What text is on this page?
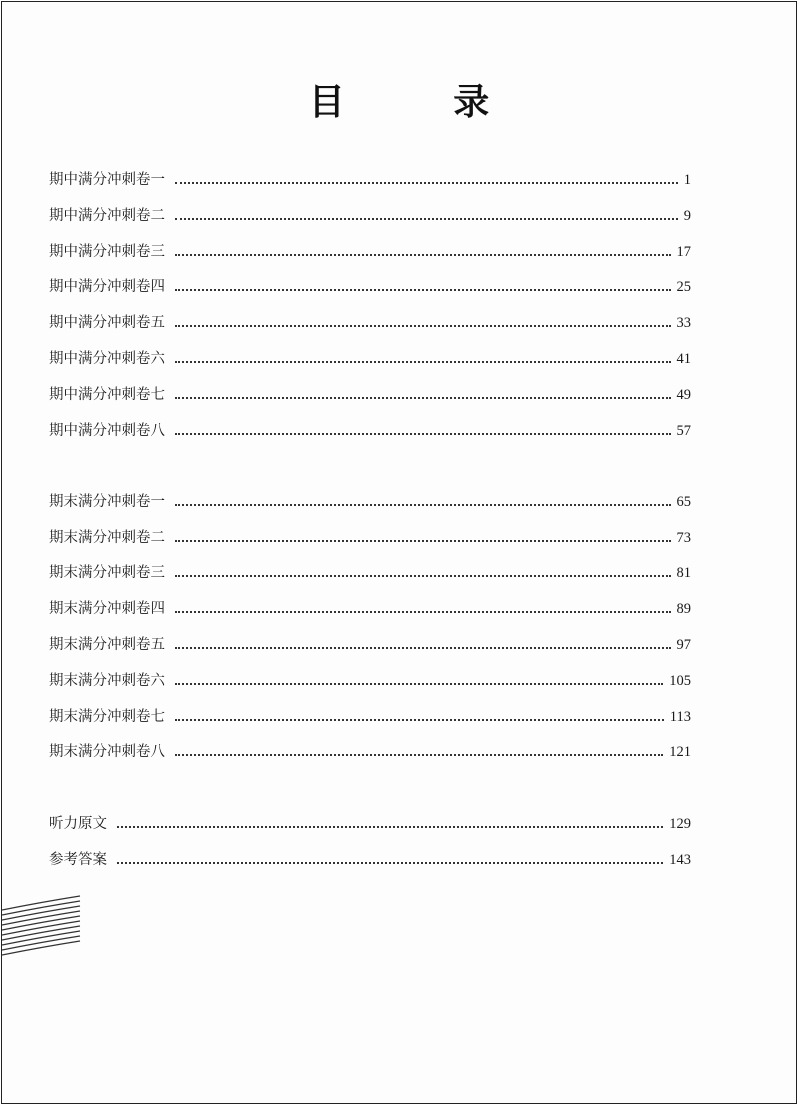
目 录
期中满分冲刺卷一	1
期中满分冲刺卷二	9
期中满分冲刺卷三	17
期中满分冲刺卷四	25
期中满分冲刺卷五	33
期中满分冲刺卷六	41
期中满分冲刺卷七	49
期中满分冲刺卷八	57
期末满分冲刺卷一	65
期末满分冲刺卷二	73
期末满分冲刺卷三	81
期末满分冲刺卷四	89
期末满分冲刺卷五	97
期末满分冲刺卷六	105
期末满分冲刺卷七	113
期末满分冲刺卷八	121
听力原文	129
参考答案	143
